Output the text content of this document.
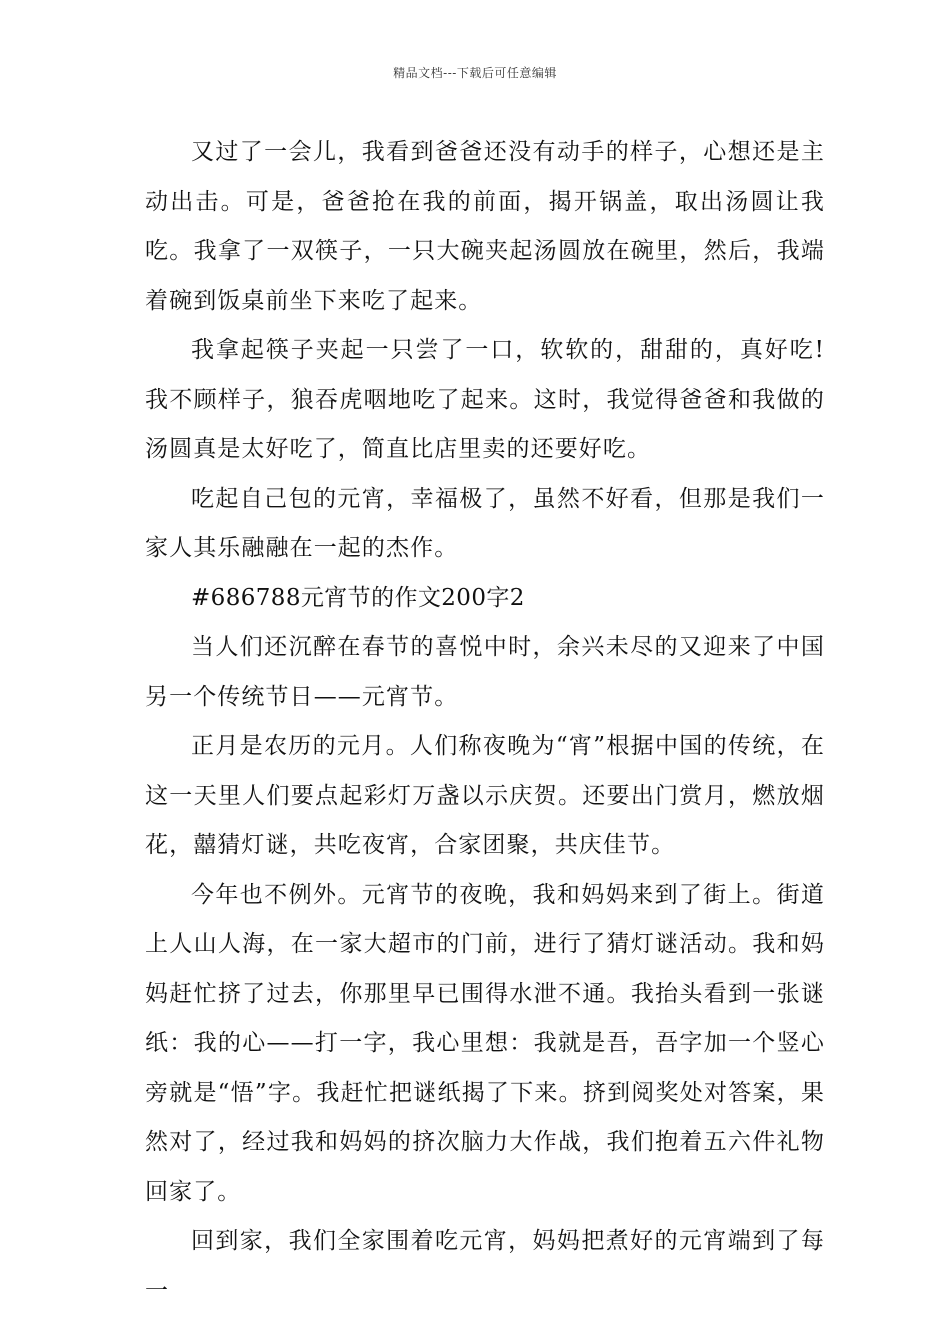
精品文档---下载后可任意编辑

又过了一会儿，我看到爸爸还没有动手的样子，心想还是主动出击。可是，爸爸抢在我的前面，揭开锅盖，取出汤圆让我吃。我拿了一双筷子，一只大碗夹起汤圆放在碗里，然后，我端着碗到饭桌前坐下来吃了起来。

我拿起筷子夹起一只尝了一口，软软的，甜甜的，真好吃!我不顾样子，狼吞虎咽地吃了起来。这时，我觉得爸爸和我做的汤圆真是太好吃了，简直比店里卖的还要好吃。

吃起自己包的元宵，幸福极了，虽然不好看，但那是我们一家人其乐融融在一起的杰作。

#686788元宵节的作文200字2

当人们还沉醉在春节的喜悦中时，余兴未尽的又迎来了中国另一个传统节日——元宵节。

正月是农历的元月。人们称夜晚为“宵”根据中国的传统，在这一天里人们要点起彩灯万盏以示庆贺。还要出门赏月，燃放烟花，囍猜灯谜，共吃夜宵，合家团聚，共庆佳节。

今年也不例外。元宵节的夜晚，我和妈妈来到了街上。街道上人山人海，在一家大超市的门前，进行了猜灯谜活动。我和妈妈赶忙挤了过去，你那里早已围得水泄不通。我抬头看到一张谜纸：我的心——打一字，我心里想：我就是吾，吾字加一个竖心旁就是“悟”字。我赶忙把谜纸揭了下来。挤到阅奖处对答案，果然对了，经过我和妈妈的挤次脑力大作战，我们抱着五六件礼物回家了。

回到家，我们全家围着吃元宵，妈妈把煮好的元宵端到了每一
